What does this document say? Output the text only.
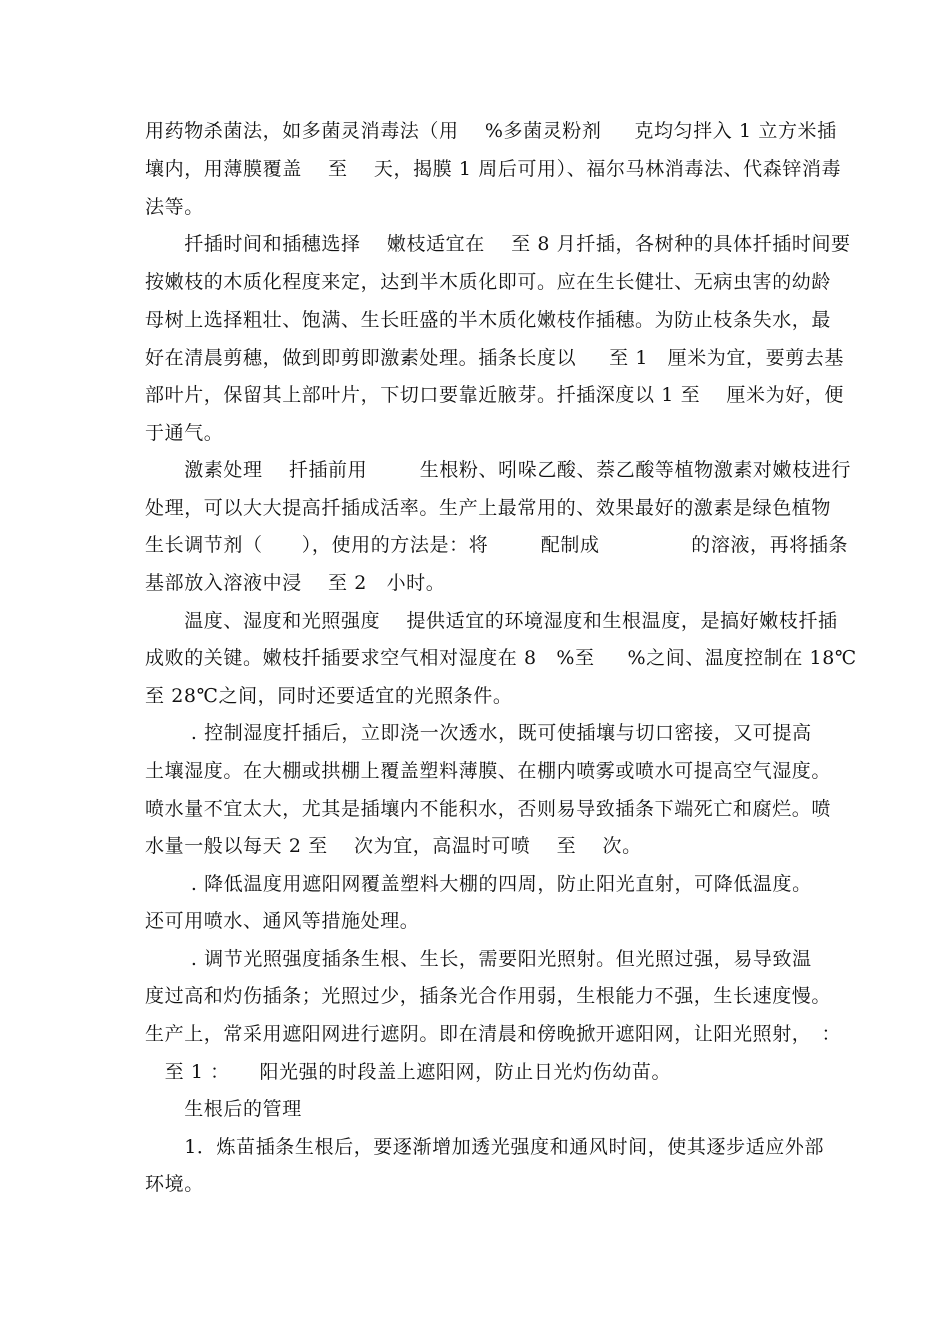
用药物杀菌法，如多菌灵消毒法（用 　%多菌灵粉剂 　 克均匀拌入 1 立方米插
壤内，用薄膜覆盖 　至　 天，揭膜 1 周后可用）、福尔马林消毒法、代森锌消毒
法等。
　　扦插时间和插穗选择　 嫩枝适宜在 　至 8 月扦插，各树种的具体扦插时间要
按嫩枝的木质化程度来定，达到半木质化即可。应在生长健壮、无病虫害的幼龄
母树上选择粗壮、饱满、生长旺盛的半木质化嫩枝作插穗。为防止枝条失水，最
好在清晨剪穗，做到即剪即激素处理。插条长度以 　 至 1　厘米为宜，要剪去基
部叶片，保留其上部叶片，下切口要靠近腋芽。扦插深度以 1 至　 厘米为好，便
于通气。
　　激素处理　 扦插前用 　　 生根粉、吲哚乙酸、萘乙酸等植物激素对嫩枝进行
处理，可以大大提高扦插成活率。生产上最常用的、效果最好的激素是绿色植物
生长调节剂（　　），使用的方法是：将 　　 配制成 　　　　 的溶液，再将插条
基部放入溶液中浸 　至 2　小时。
　　温度、湿度和光照强度 　提供适宜的环境湿度和生根温度，是搞好嫩枝扦插
成败的关键。嫩枝扦插要求空气相对湿度在 8　%至 　 %之间、温度控制在 18℃
至 28℃之间，同时还要适宜的光照条件。
　　 . 控制湿度扦插后，立即浇一次透水，既可使插壤与切口密接，又可提高
土壤湿度。在大棚或拱棚上覆盖塑料薄膜、在棚内喷雾或喷水可提高空气湿度。
喷水量不宜太大，尤其是插壤内不能积水，否则易导致插条下端死亡和腐烂。喷
水量一般以每天 2 至 　次为宜，高温时可喷 　至　 次。
　　 . 降低温度用遮阳网覆盖塑料大棚的四周，防止阳光直射，可降低温度。
还可用喷水、通风等措施处理。
　　 . 调节光照强度插条生根、生长，需要阳光照射。但光照过强，易导致温
度过高和灼伤插条；光照过少，插条光合作用弱，生根能力不强，生长速度慢。
生产上，常采用遮阳网进行遮阴。即在清晨和傍晚掀开遮阳网，让阳光照射，　：
　至 1 ：　　阳光强的时段盖上遮阳网，防止日光灼伤幼苗。
　　生根后的管理
　　1．炼苗插条生根后，要逐渐增加透光强度和通风时间，使其逐步适应外部
环境。
